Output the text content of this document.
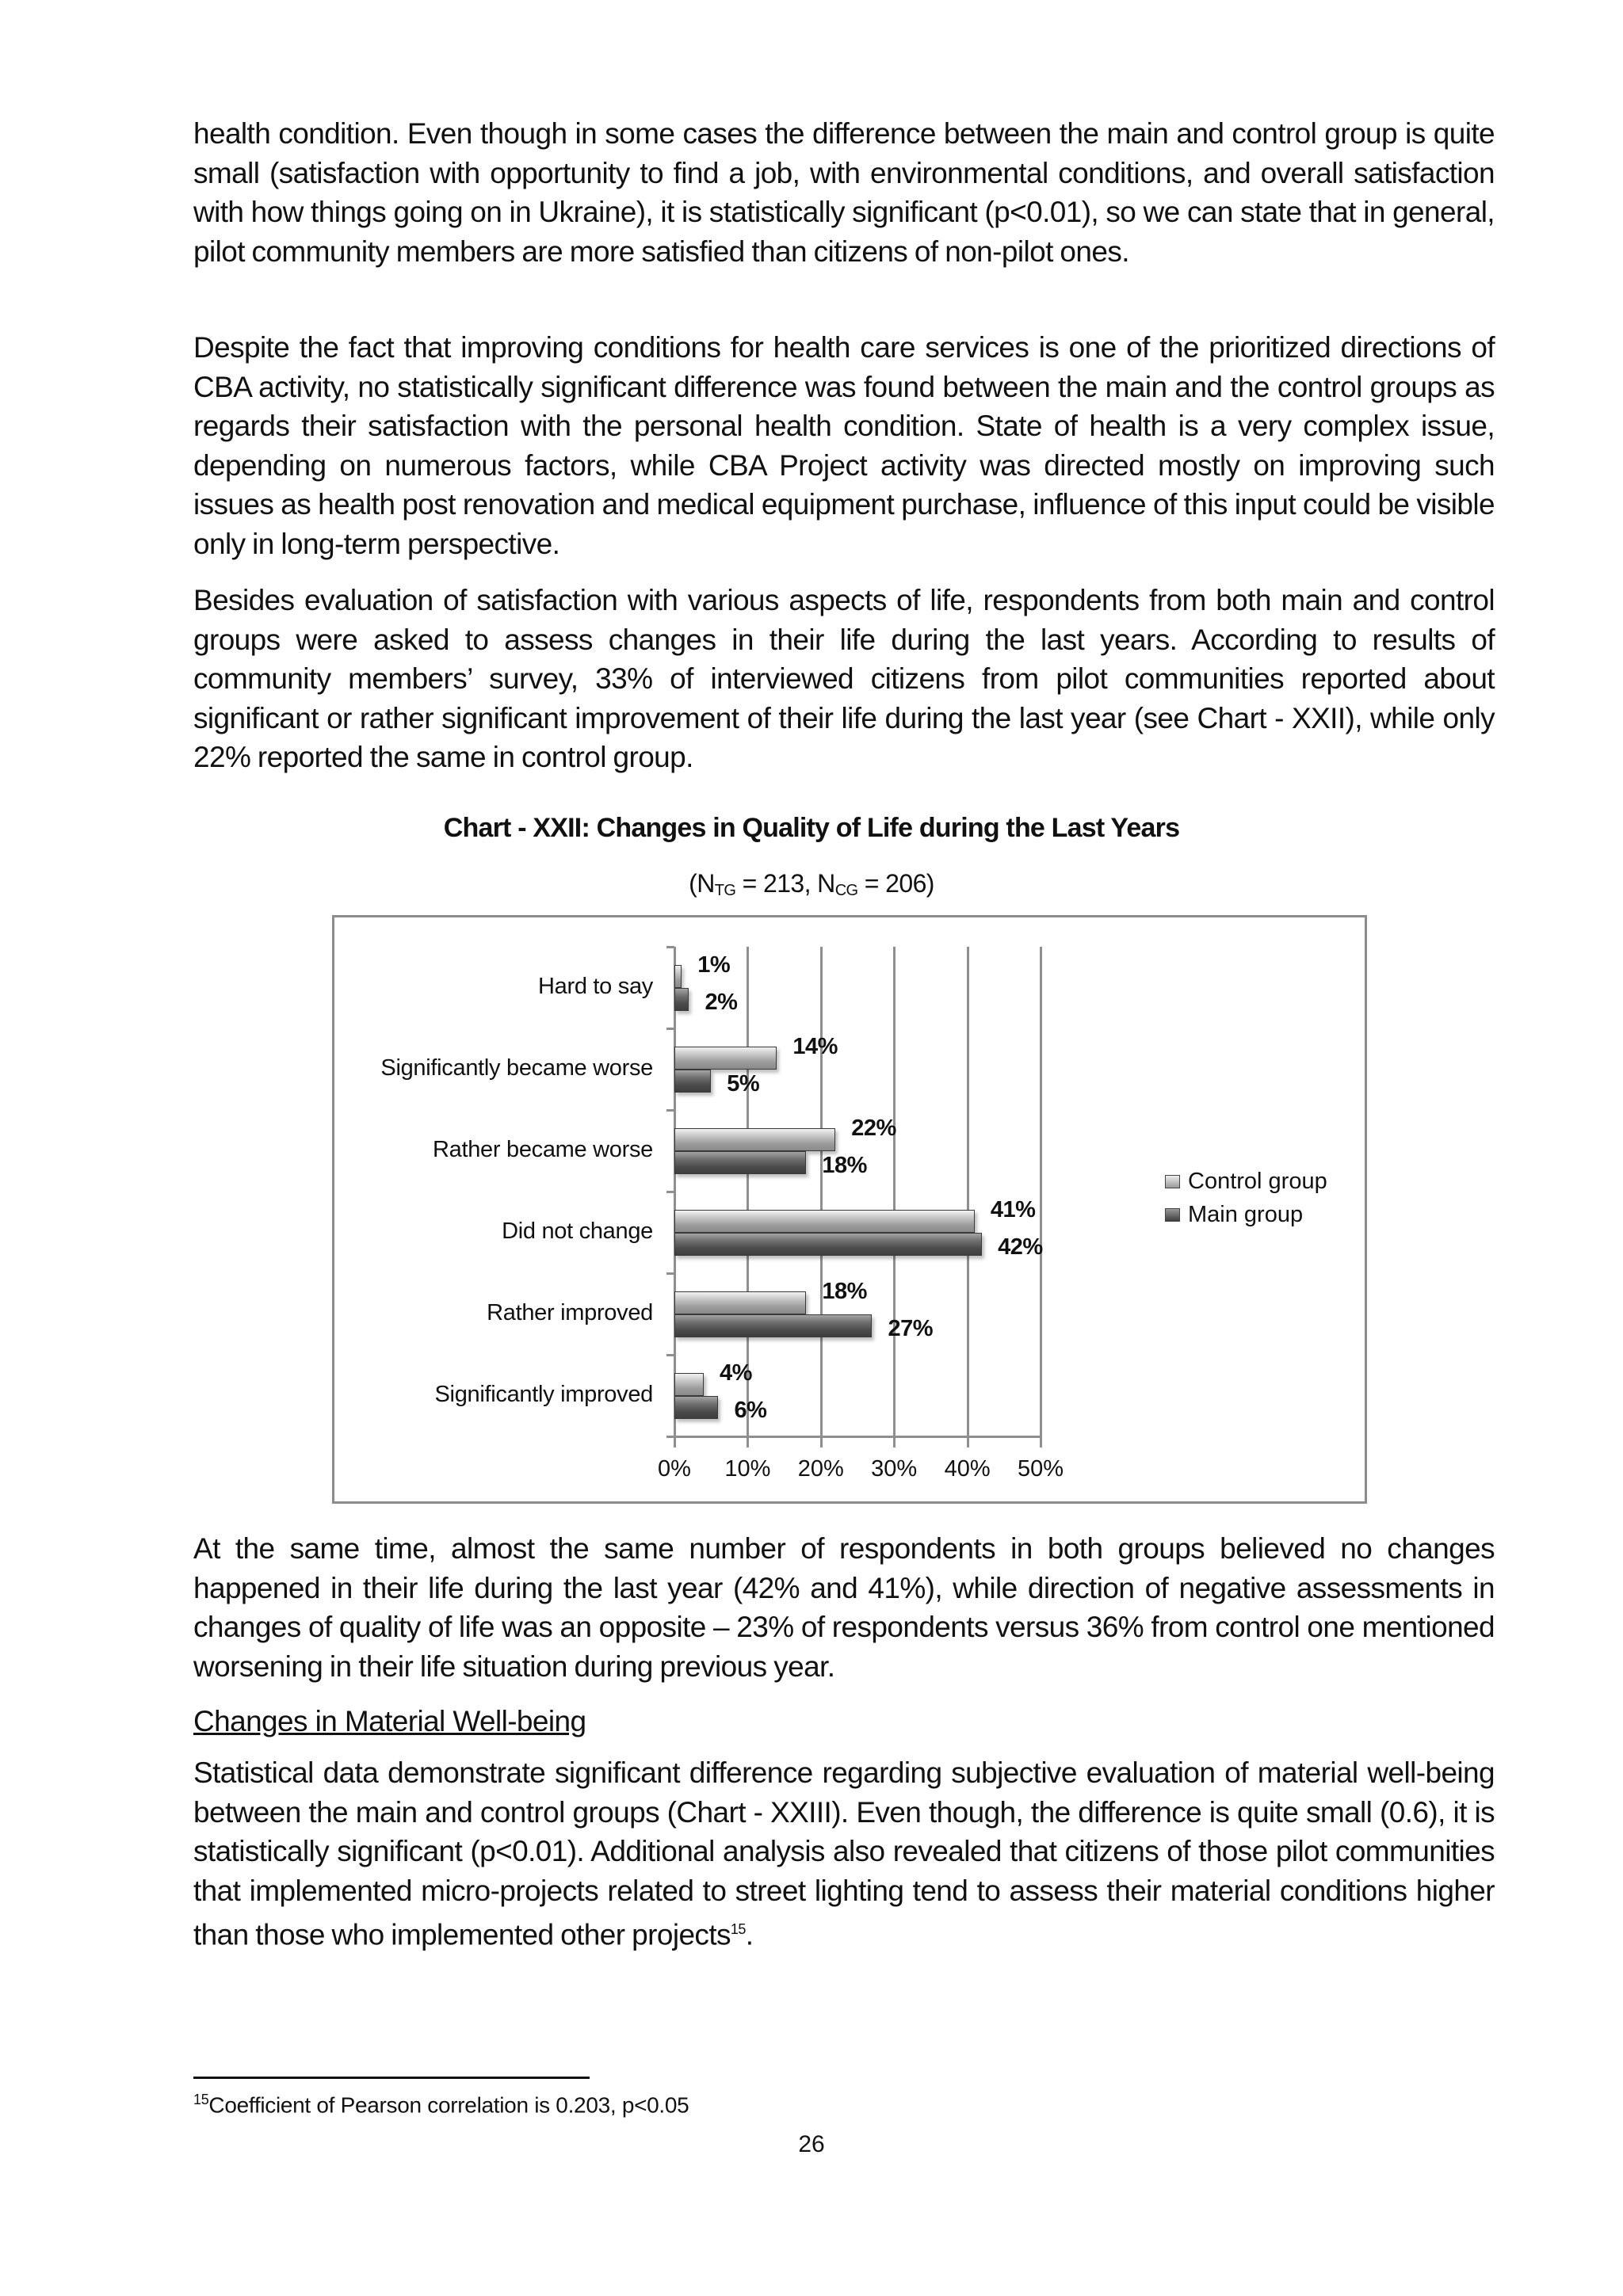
health condition. Even though in some cases the difference between the main and control group is quite small (satisfaction with opportunity to find a job, with environmental conditions, and overall satisfaction with how things going on in Ukraine), it is statistically significant (p<0.01), so we can state that in general, pilot community members are more satisfied than citizens of non-pilot ones.

Despite the fact that improving conditions for health care services is one of the prioritized directions of CBA activity, no statistically significant difference was found between the main and the control groups as regards their satisfaction with the personal health condition. State of health is a very complex issue, depending on numerous factors, while CBA Project activity was directed mostly on improving such issues as health post renovation and medical equipment purchase, influence of this input could be visible only in long-term perspective.

Besides evaluation of satisfaction with various aspects of life, respondents from both main and control groups were asked to assess changes in their life during the last years. According to results of community members’ survey, 33% of interviewed citizens from pilot communities reported about significant or rather significant improvement of their life during the last year (see Chart - XXII), while only 22% reported the same in control group.

Chart - XXII: Changes in Quality of Life during the Last Years
($N_{TG} = 213$, $N_{CG} = 206$)
0%	10%	20%	30%	40%	50%
Hard to say
1%
2%
Significantly became worse
14%
5%
Rather became worse
22%
18%
Did not change
41%
42%
Rather improved
18%
27%
Significantly improved
4%
6%
Control group
Main group

At the same time, almost the same number of respondents in both groups believed no changes happened in their life during the last year (42% and 41%), while direction of negative assessments in changes of quality of life was an opposite – 23% of respondents versus 36% from control one mentioned worsening in their life situation during previous year.

Changes in Material Well-being

Statistical data demonstrate significant difference regarding subjective evaluation of material well-being between the main and control groups (Chart - XXIII). Even though, the difference is quite small (0.6), it is statistically significant (p<0.01). Additional analysis also revealed that citizens of those pilot communities that implemented micro-projects related to street lighting tend to assess their material conditions higher than those who implemented other projects$^{15}$.

$^{15}$Coefficient of Pearson correlation is 0.203, p<0.05
26
